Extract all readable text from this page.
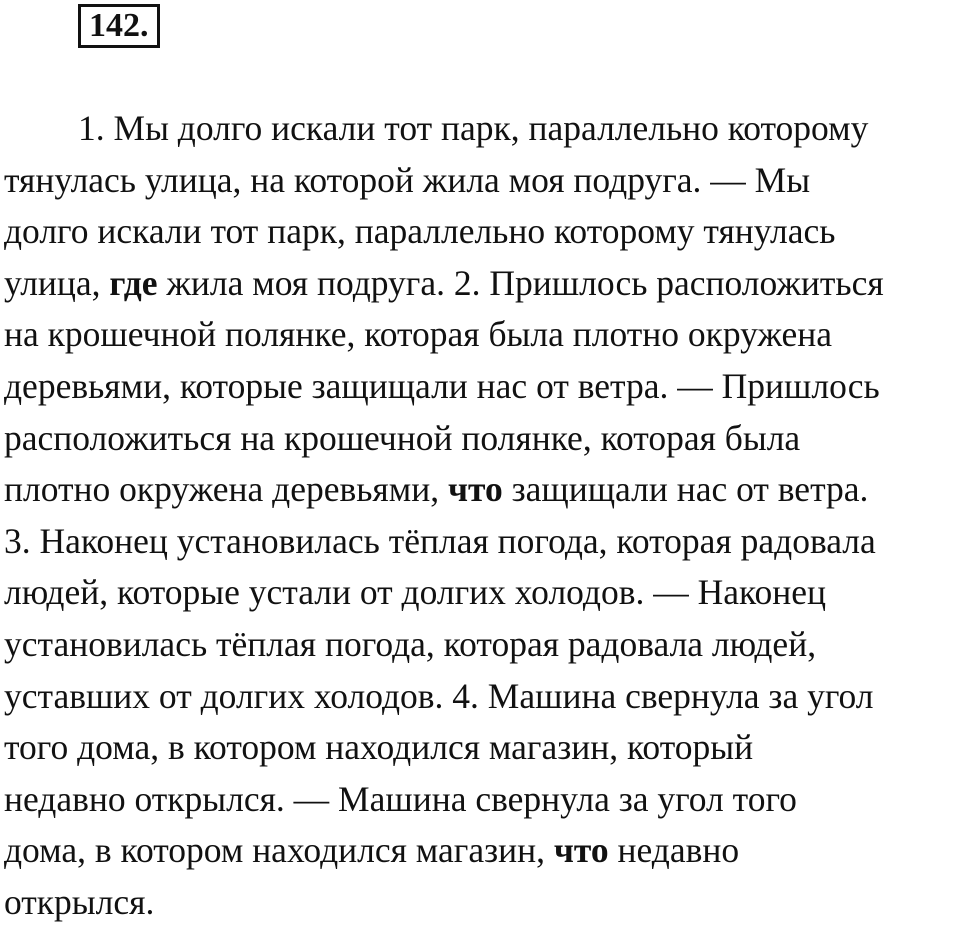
142.
1. Мы долго искали тот парк, параллельно которому
тянулась улица, на которой жила моя подруга. — Мы
долго искали тот парк, параллельно которому тянулась
улица, где жила моя подруга. 2. Пришлось расположиться
на крошечной полянке, которая была плотно окружена
деревьями, которые защищали нас от ветра. — Пришлось
расположиться на крошечной полянке, которая была
плотно окружена деревьями, что защищали нас от ветра.
3. Наконец установилась тёплая погода, которая радовала
людей, которые устали от долгих холодов. — Наконец
установилась тёплая погода, которая радовала людей,
уставших от долгих холодов. 4. Машина свернула за угол
того дома, в котором находился магазин, который
недавно открылся. — Машина свернула за угол того
дома, в котором находился магазин, что недавно
открылся.
